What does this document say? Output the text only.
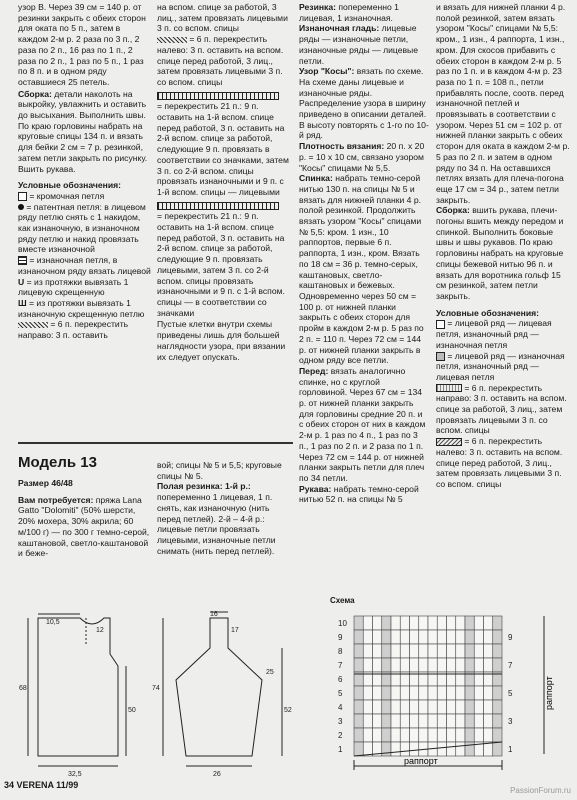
узор В. Через 39 см = 140 р. от резинки закрыть с обеих сторон для оката по 5 п., затем в каждом 2-м р. 2 раза по 3 п., 2 раза по 2 п., 16 раз по 1 п., 2 раза по 2 п., 1 раз по 5 п., 1 раз по 8 п. и в одном ряду оставшиеся 25 петель.

Сборка: детали наколоть на выкройку, увлажнить и оставить до высыхания. Выполнить швы. По краю горловины набрать на круговые спицы 134 п. и вязать для бейки 2 см = 7 р. резинкой, затем петли закрыть по рисунку. Вшить рукава.

Условные обозначения:

= кромочная петля

= патентная петля: в лицевом ряду петлю снять с 1 накидом, как изнаночную, в изнаночном ряду петлю и накид провязать вместе изнаночной

= изнаночная петля, в изнаночном ряду вязать лицевой

U = из протяжки вывязать 1 лицевую скрещенную

Ш = из протяжки вывязать 1 изнаночную скрещенную петлю

= 6 п. перекрестить направо: 3 п. оставить

на вспом. спице за работой, 3 лиц., затем провязать лицевыми 3 п. со вспом. спицы

= 6 п. перекрестить налево: 3 п. оставить на вспом. спице перед работой, 3 лиц., затем провязать лицевыми 3 п. со вспом. спицы

= перекрестить 21 п.: 9 п. оставить на 1-й вспом. спице перед работой, 3 п. оставить на 2-й вспом. спице за работой, следующие 9 п. провязать в соответствии со значками, затем 3 п. со 2-й вспом. спицы провязать изнаночными и 9 п. с 1-й вспом. спицы — лицевыми

= перекрестить 21 п.: 9 п. оставить на 1-й вспом. спице перед работой, 3 п. оставить на 2-й вспом. спице за работой, следующие 9 п. провязать лицевыми, затем 3 п. со 2-й вспом. спицы провязать изнаночными и 9 п. с 1-й вспом. спицы — в соответствии со значками

Пустые клетки внутри схемы приведены лишь для большей наглядности узора, при вязании их следует опускать.

Резинка: попеременно 1 лицевая, 1 изнаночная.

Изнаночная гладь: лицевые ряды — изнаночные петли, изнаночные ряды — лицевые петли.

Узор "Косы": вязать по схеме. На схеме даны лицевые и изнаночные ряды. Распределение узора в ширину приведено в описании деталей. В высоту повторять с 1-го по 10-й ряд.

Плотность вязания: 20 п. x 20 р. = 10 x 10 см, связано узором "Косы" спицами № 5,5.

Спинка: набрать темно-серой нитью 130 п. на спицы № 5 и вязать для нижней планки 4 р. полой резинкой. Продолжить вязать узором "Косы" спицами № 5,5: кром. 1 изн., 10 раппортов, первые 6 п. раппорта, 1 изн., кром. Вязать по 18 см = 36 р. темно-серых, каштановых, светло-каштановых и бежевых. Одновременно через 50 см = 100 р. от нижней планки закрыть с обеих сторон для пройм в каждом 2-м р. 5 раз по 2 п. = 110 п. Через 72 см = 144 р. от нижней планки закрыть в одном ряду все петли.

Перед: вязать аналогично спинке, но с круглой горловиной. Через 67 см = 134 р. от нижней планки закрыть для горловины средние 20 п. и с обеих сторон от них в каждом 2-м р. 1 раз по 4 п., 1 раз по 3 п., 1 раз по 2 п. и 2 раза по 1 п. Через 72 см = 144 р. от нижней планки закрыть петли для плеч по 34 петли.

Рукава: набрать темно-серой нитью 52 п. на спицы № 5

и вязать для нижней планки 4 р. полой резинкой, затем вязать узором "Косы" спицами № 5,5: кром., 1 изн., 4 раппорта, 1 изн., кром. Для скосов прибавить с обеих сторон в каждом 2-м р. 5 раз по 1 п. и в каждом 4-м р. 23 раза по 1 п. = 108 п., петли прибавлять после, соотв. перед изнаночной петлей и провязывать в соответствии с узором. Через 51 см = 102 р. от нижней планки закрыть с обеих сторон для оката в каждом 2-м р. 5 раз по 2 п. и затем в одном ряду по 34 п. На оставшихся петлях вязать для плеча-погона еще 17 см = 34 р., затем петли закрыть.

Сборка: вшить рукава, плечи-погоны вшить между передом и спинкой. Выполнить боковые швы и швы рукавов. По краю горловины набрать на круговые спицы бежевой нитью 96 п. и вязать для воротника гольф 15 см резинкой, затем петли закрыть.

Условные обозначения:

= лицевой ряд — лицевая петля, изнаночный ряд — изнаночная петля

= лицевой ряд — изнаночная петля, изнаночный ряд — лицевая петля

= 6 п. перекрестить направо: 3 п. оставить на вспом. спице за работой, 3 лиц., затем провязать лицевыми 3 п. со вспом. спицы

= 6 п. перекрестить налево: 3 п. оставить на вспом. спице перед работой, 3 лиц., затем провязать лицевыми 3 п. со вспом. спицы

Модель 13

Размер 46/48

Вам потребуется: пряжа Lana Gatto "Dolomiti" (50% шерсти, 20% мохера, 30% акрила; 60 м/100 г) — по 300 г темно-серой, каштановой, светло-каштановой и беже-

вой; спицы № 5 и 5,5; круговые спицы № 5.

Полая резинка: 1-й р.: попеременно 1 лицевая, 1 п. снять, как изнаночную (нить перед петлей). 2-й – 4-й р.: лицевые петли провязать лицевыми, изнаночные петли снимать (нить перед петлей).

10,5
12
68
50
32,5
74
52
17
25
26
16
Схема
10
9
8
7
6
5
4
3
2
1
9
7
5
3
1
раппорт
раппорт
34 VERENA 11/99
PassionForum.ru
